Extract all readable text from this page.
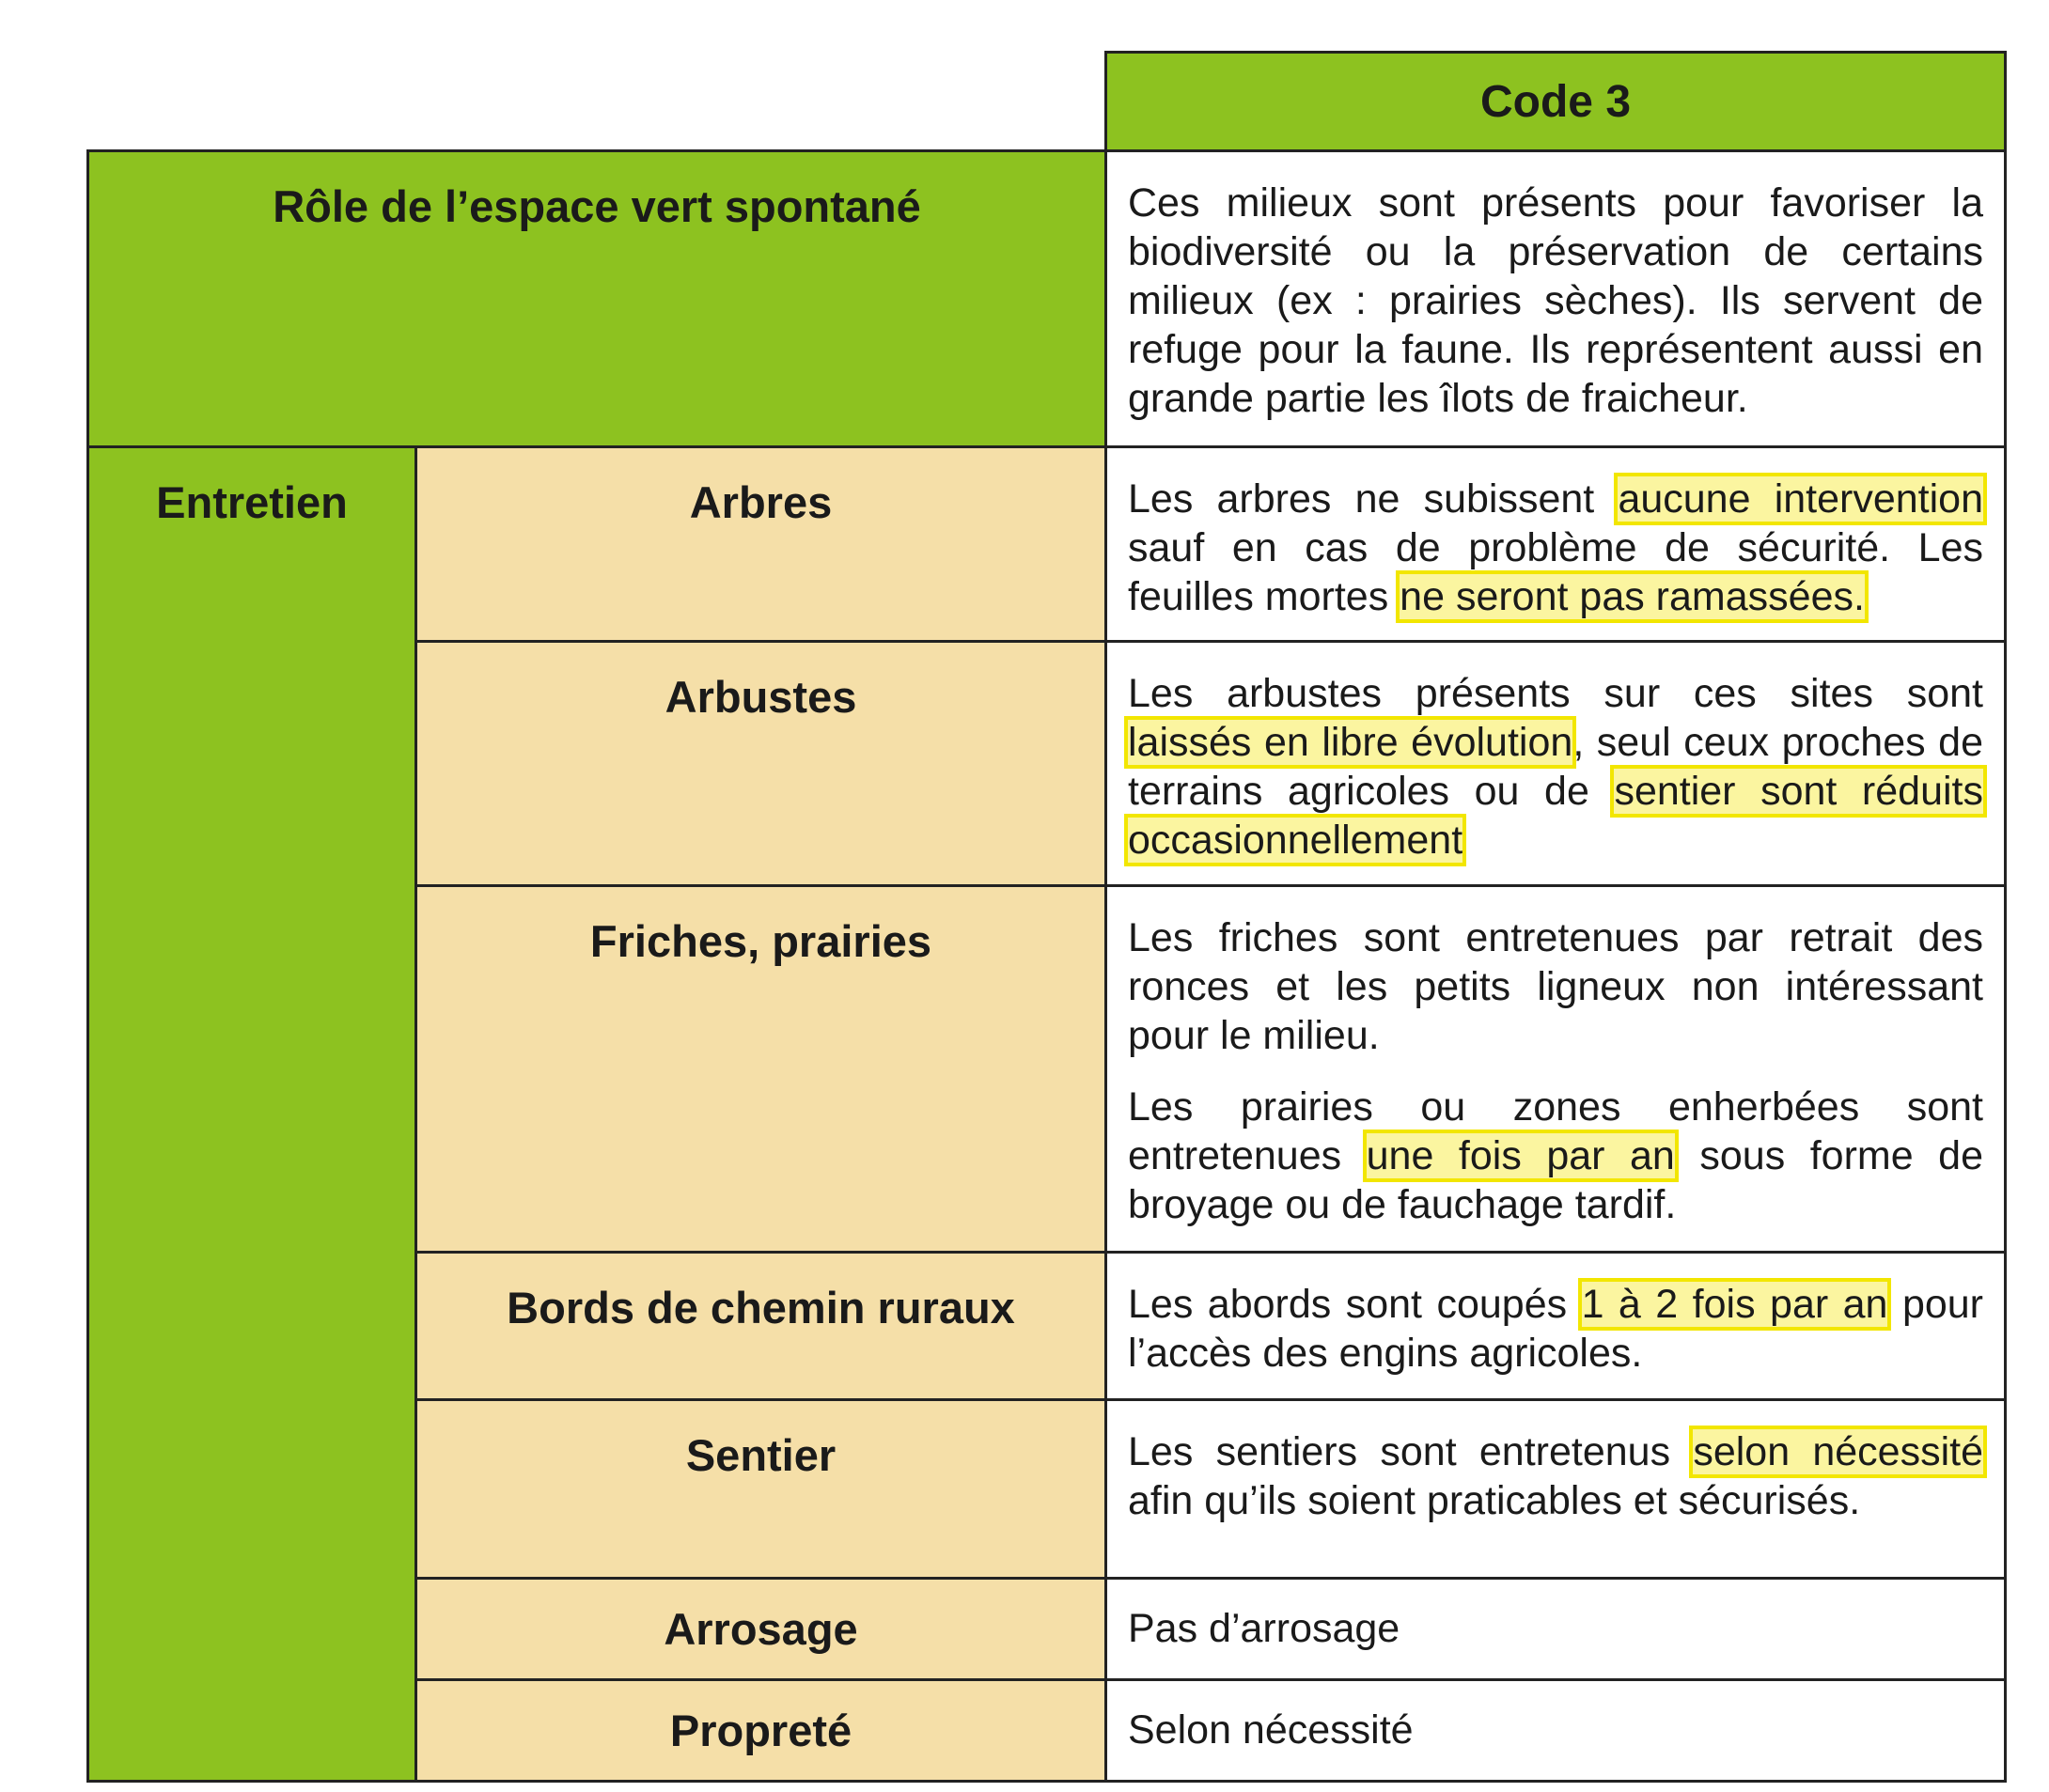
		Code 3
Rôle de l’espace vert spontané		Ces milieux sont présents pour favoriser la biodiversité ou la préservation de certains milieux (ex : prairies sèches). Ils servent de refuge pour la faune. Ils représentent aussi en grande partie les îlots de fraicheur.

Entretien	Arbres	Les arbres ne subissent aucune intervention sauf en cas de problème de sécurité. Les feuilles mortes ne seront pas ramassées.

	Arbustes	Les arbustes présents sur ces sites sont laissés en libre évolution, seul ceux proches de terrains agricoles ou de sentier sont réduits occasionnellement

	Friches, prairies	Les friches sont entretenues par retrait des ronces et les petits ligneux non intéressant pour le milieu.

Les prairies ou zones enherbées sont entretenues une fois par an sous forme de broyage ou de fauchage tardif.

	Bords de chemin ruraux	Les abords sont coupés 1 à 2 fois par an pour l’accès des engins agricoles.

	Sentier	Les sentiers sont entretenus selon nécessité afin qu’ils soient praticables et sécurisés.

	Arrosage	Pas d’arrosage
	Propreté	Selon nécessité
